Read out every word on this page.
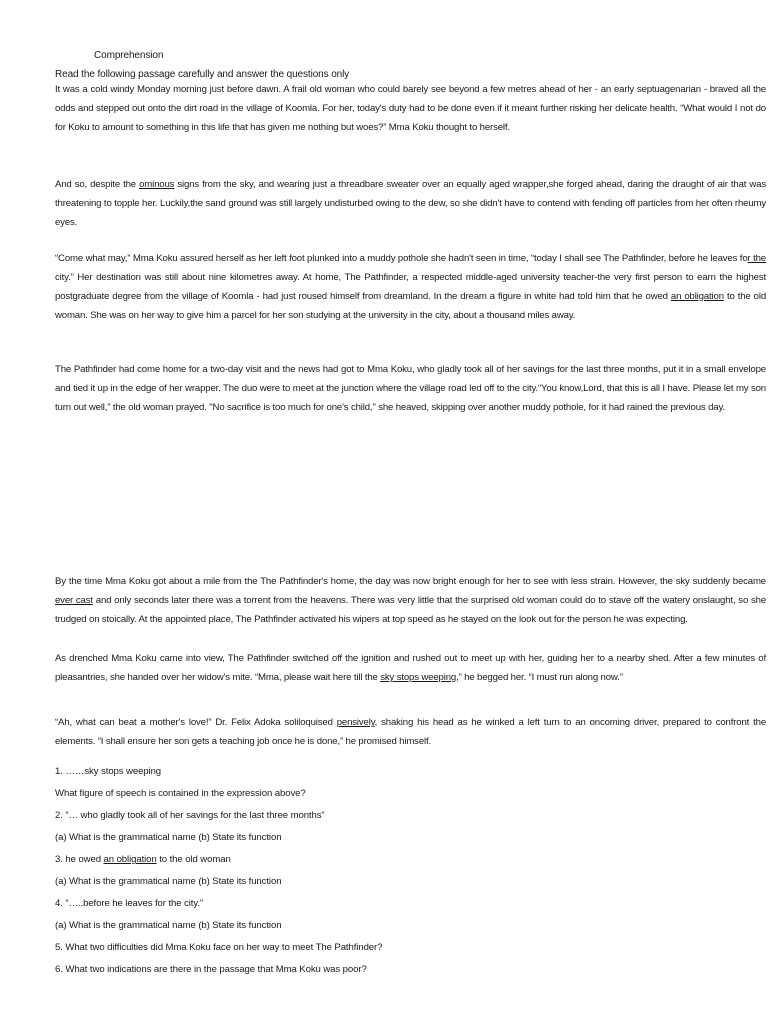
Comprehension
Read the following passage carefully and answer the questions only

It was a cold windy Monday morning just before dawn. A frail old woman who could barely see beyond a few metres ahead of her - an early septuagenarian - braved all the odds and stepped out onto the dirt road in the village of Koomla. For her, today's duty had to be done even if it meant further risking her delicate health. “What would I not do for Koku to amount to something in this life that has given me nothing but woes?” Mma Koku thought to herself.

And so, despite the ominous signs from the sky, and wearing just a threadbare sweater over an equally aged wrapper,she forged ahead, daring the draught of air that was threatening to topple her. Luckily,the sand ground was still largely undisturbed owing to the dew, so she didn't have to contend with fending off particles from her often rheumy eyes.

“Come what may,” Mma Koku assured herself as her left foot plunked into a muddy pothole she hadn't seen in time, “today I shall see The Pathfinder, before he leaves for the city.” Her destination was still about nine kilometres away. At home, The Pathfinder, a respected middle-aged university teacher-the very first person to earn the highest postgraduate degree from the village of Koomla - had just roused himself from dreamland. In the dream a figure in white had told him that he owed an obligation to the old woman. She was on her way to give him a parcel for her son studying at the university in the city, about a thousand miles away.

The Pathfinder had come home for a two-day visit and the news had got to Mma Koku, who gladly took all of her savings for the last three months, put it in a small envelope and tied it up in the edge of her wrapper. The duo were to meet at the junction where the village road led off to the city.“You know,Lord, that this is all I have. Please let my son turn out well,” the old woman prayed. "No sacrifice is too much for one's child," she heaved, skipping over another muddy pothole, for it had rained the previous day.

By the time Mma Koku got about a mile from the The Pathfinder's home, the day was now bright enough for her to see with less strain. However, the sky suddenly became ever cast and only seconds later there was a torrent from the heavens. There was very little that the surprised old woman could do to stave off the watery onslaught, so she trudged on stoically. At the appointed place, The Pathfinder activated his wipers at top speed as he stayed on the look out for the person he was expecting.

As drenched Mma Koku came into view, The Pathfinder switched off the ignition and rushed out to meet up with her, guiding her to a nearby shed. After a few minutes of pleasantries, she handed over her widow's mite. “Mma, please wait here till the sky stops weeping,” he begged her. “I must run along now.”

“Ah, what can beat a mother's love!” Dr. Felix Adoka soliloquised pensively, shaking his head as he winked a left turn to an oncoming driver, prepared to confront the elements. “I shall ensure her son gets a teaching job once he is done,” he promised himself.

1. ……sky stops weeping
What figure of speech is contained in the expression above?
2. “… who gladly took all of her savings for the last three months”
(a) What is the grammatical name (b) State its function
3. he owed an obligation to the old woman
(a) What is the grammatical name (b) State its function
4. “…..before he leaves for the city.”
(a) What is the grammatical name (b) State its function
5. What two difficulties did Mma Koku face on her way to meet The Pathfinder?
6. What two indications are there in the passage that Mma Koku was poor?
